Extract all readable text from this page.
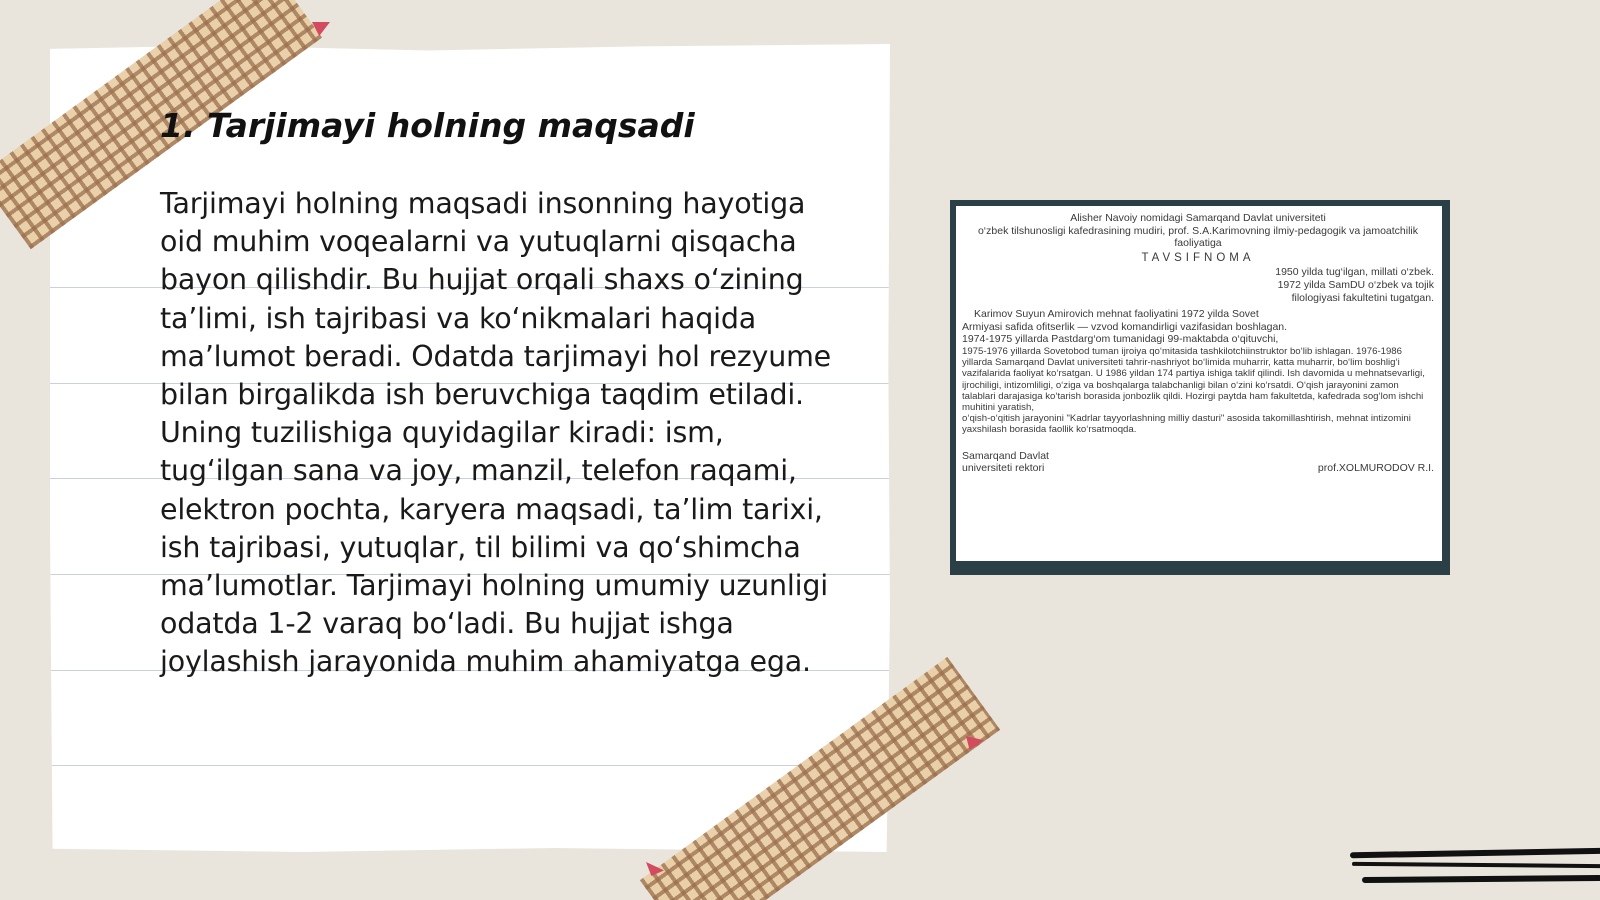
1. Tarjimayi holning maqsadi
Tarjimayi holning maqsadi insonning hayotiga oid muhim voqealarni va yutuqlarni qisqacha bayon qilishdir. Bu hujjat orqali shaxs o‘zining ta’limi, ish tajribasi va ko‘nikmalari haqida ma’lumot beradi. Odatda tarjimayi hol rezyume bilan birgalikda ish beruvchiga taqdim etiladi. Uning tuzilishiga quyidagilar kiradi: ism, tug‘ilgan sana va joy, manzil, telefon raqami, elektron pochta, karyera maqsadi, ta’lim tarixi, ish tajribasi, yutuqlar, til bilimi va qo‘shimcha ma’lumotlar. Tarjimayi holning umumiy uzunligi odatda 1-2 varaq bo‘ladi. Bu hujjat ishga joylashish jarayonida muhim ahamiyatga ega.
Alisher Navoiy nomidagi Samarqand Davlat universiteti
o‘zbek tilshunosligi kafedrasining mudiri, prof. S.A.Karimovning ilmiy-pedagogik va jamoatchilik faoliyatiga
TAVSIFNOMA
1950 yilda tug‘ilgan, millati o‘zbek.
1972 yilda SamDU o‘zbek va tojik
filologiyasi fakultetini tugatgan.
Karimov Suyun Amirovich mehnat faoliyatini 1972 yilda Sovet
Armiyasi safida ofitserlik — vzvod komandirligi vazifasidan boshlagan.
1974-1975 yillarda Pastdarg‘om tumanidagi 99-maktabda o‘qituvchi,
1975-1976 yillarda Sovetobod tuman ijroiya qo‘mitasida tashkilotchiinstruktor bo‘lib ishlagan. 1976-1986 yillarda Samarqand Davlat universiteti tahrir-nashriyot bo‘limida muharrir, katta muharrir, bo‘lim boshlig‘i vazifalarida faoliyat ko‘rsatgan. U 1986 yildan 174 partiya ishiga taklif qilindi. Ish davomida u mehnatsevarligi, ijrochiligi, intizomliligi, o‘ziga va boshqalarga talabchanligi bilan o‘zini ko‘rsatdi. O‘qish jarayonini zamon talablari darajasiga ko‘tarish borasida jonbozlik qildi. Hozirgi paytda ham fakultetda, kafedrada sog‘lom ishchi muhitini yaratish,
o‘qish-o‘qitish jarayonini "Kadrlar tayyorlashning milliy dasturi" asosida takomillashtirish, mehnat intizomini yaxshilash borasida faollik ko‘rsatmoqda.
Samarqand Davlat
universiteti rektori	prof.XOLMURODOV R.I.
